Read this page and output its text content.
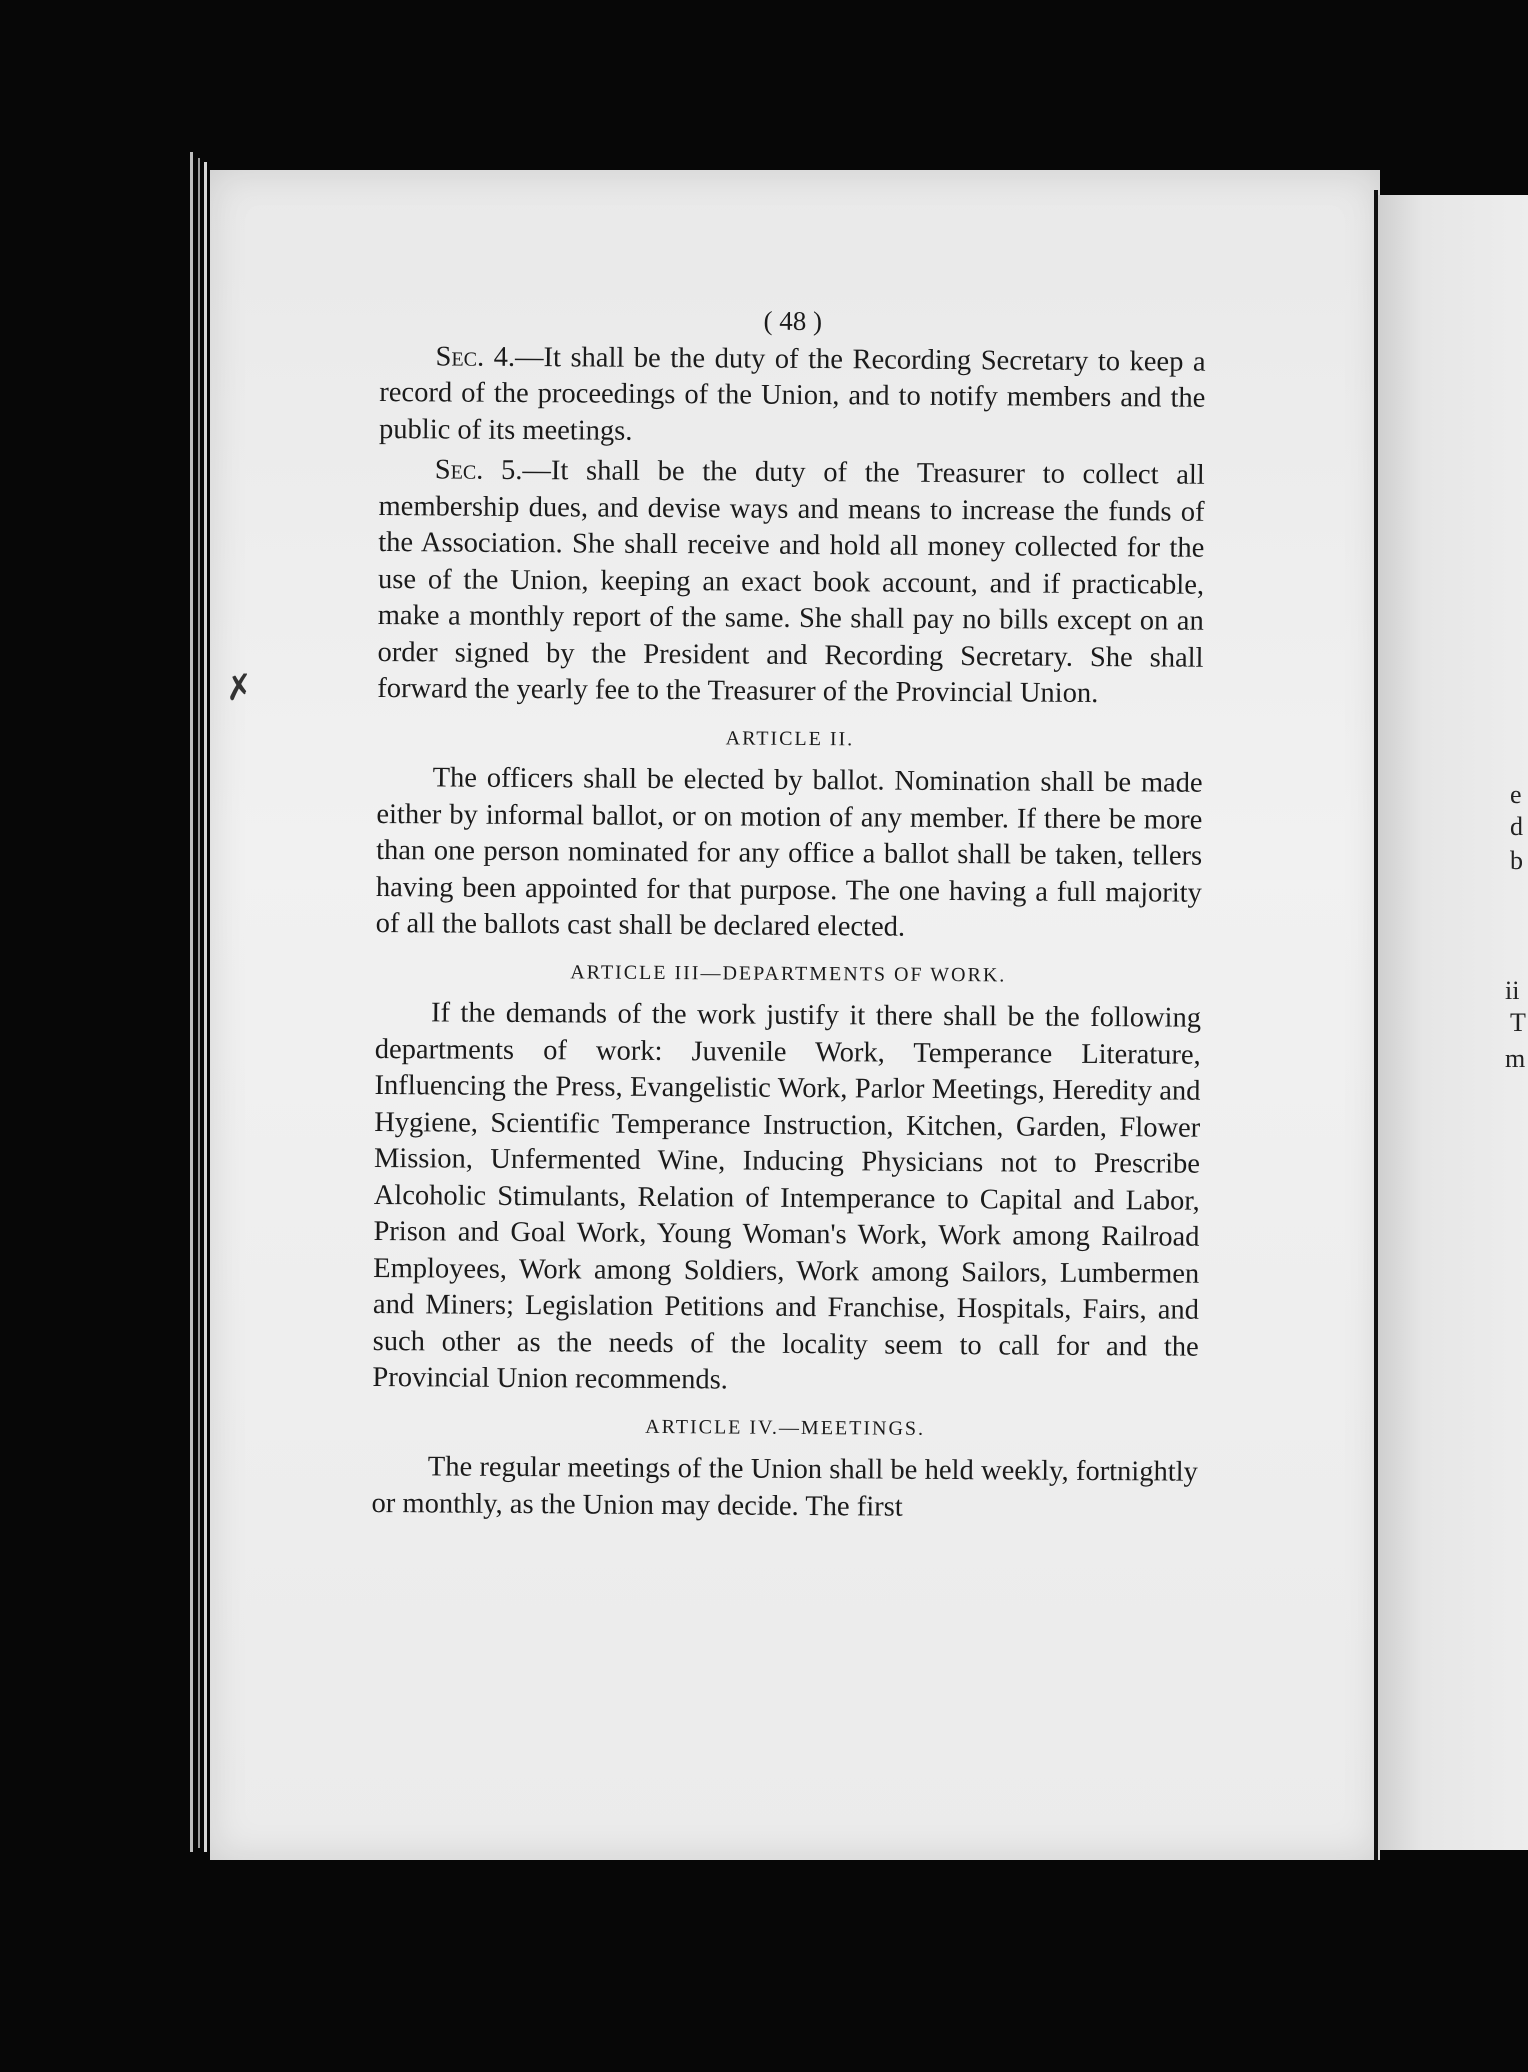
✗
e
d
b
ii
T
m
( 48 )

Sec. 4.—It shall be the duty of the Recording Secretary to keep a record of the proceedings of the Union, and to notify members and the public of its meetings.

Sec. 5.—It shall be the duty of the Treasurer to collect all membership dues, and devise ways and means to increase the funds of the Association. She shall receive and hold all money collected for the use of the Union, keeping an exact book account, and if practicable, make a monthly report of the same. She shall pay no bills except on an order signed by the President and Recording Secretary. She shall forward the yearly fee to the Treasurer of the Provincial Union.

ARTICLE II.

The officers shall be elected by ballot. Nomination shall be made either by informal ballot, or on motion of any member. If there be more than one person nominated for any office a ballot shall be taken, tellers having been appointed for that purpose. The one having a full majority of all the ballots cast shall be declared elected.

ARTICLE III—DEPARTMENTS OF WORK.

If the demands of the work justify it there shall be the following departments of work: Juvenile Work, Temperance Literature, Influencing the Press, Evangelistic Work, Parlor Meetings, Heredity and Hygiene, Scientific Temperance Instruction, Kitchen, Garden, Flower Mission, Unfermented Wine, Inducing Physicians not to Prescribe Alcoholic Stimulants, Relation of Intemperance to Capital and Labor, Prison and Goal Work, Young Woman's Work, Work among Railroad Employees, Work among Soldiers, Work among Sailors, Lumbermen and Miners; Legislation Petitions and Franchise, Hospitals, Fairs, and such other as the needs of the locality seem to call for and the Provincial Union recommends.

ARTICLE IV.—MEETINGS.

The regular meetings of the Union shall be held weekly, fortnightly or monthly, as the Union may decide. The first
